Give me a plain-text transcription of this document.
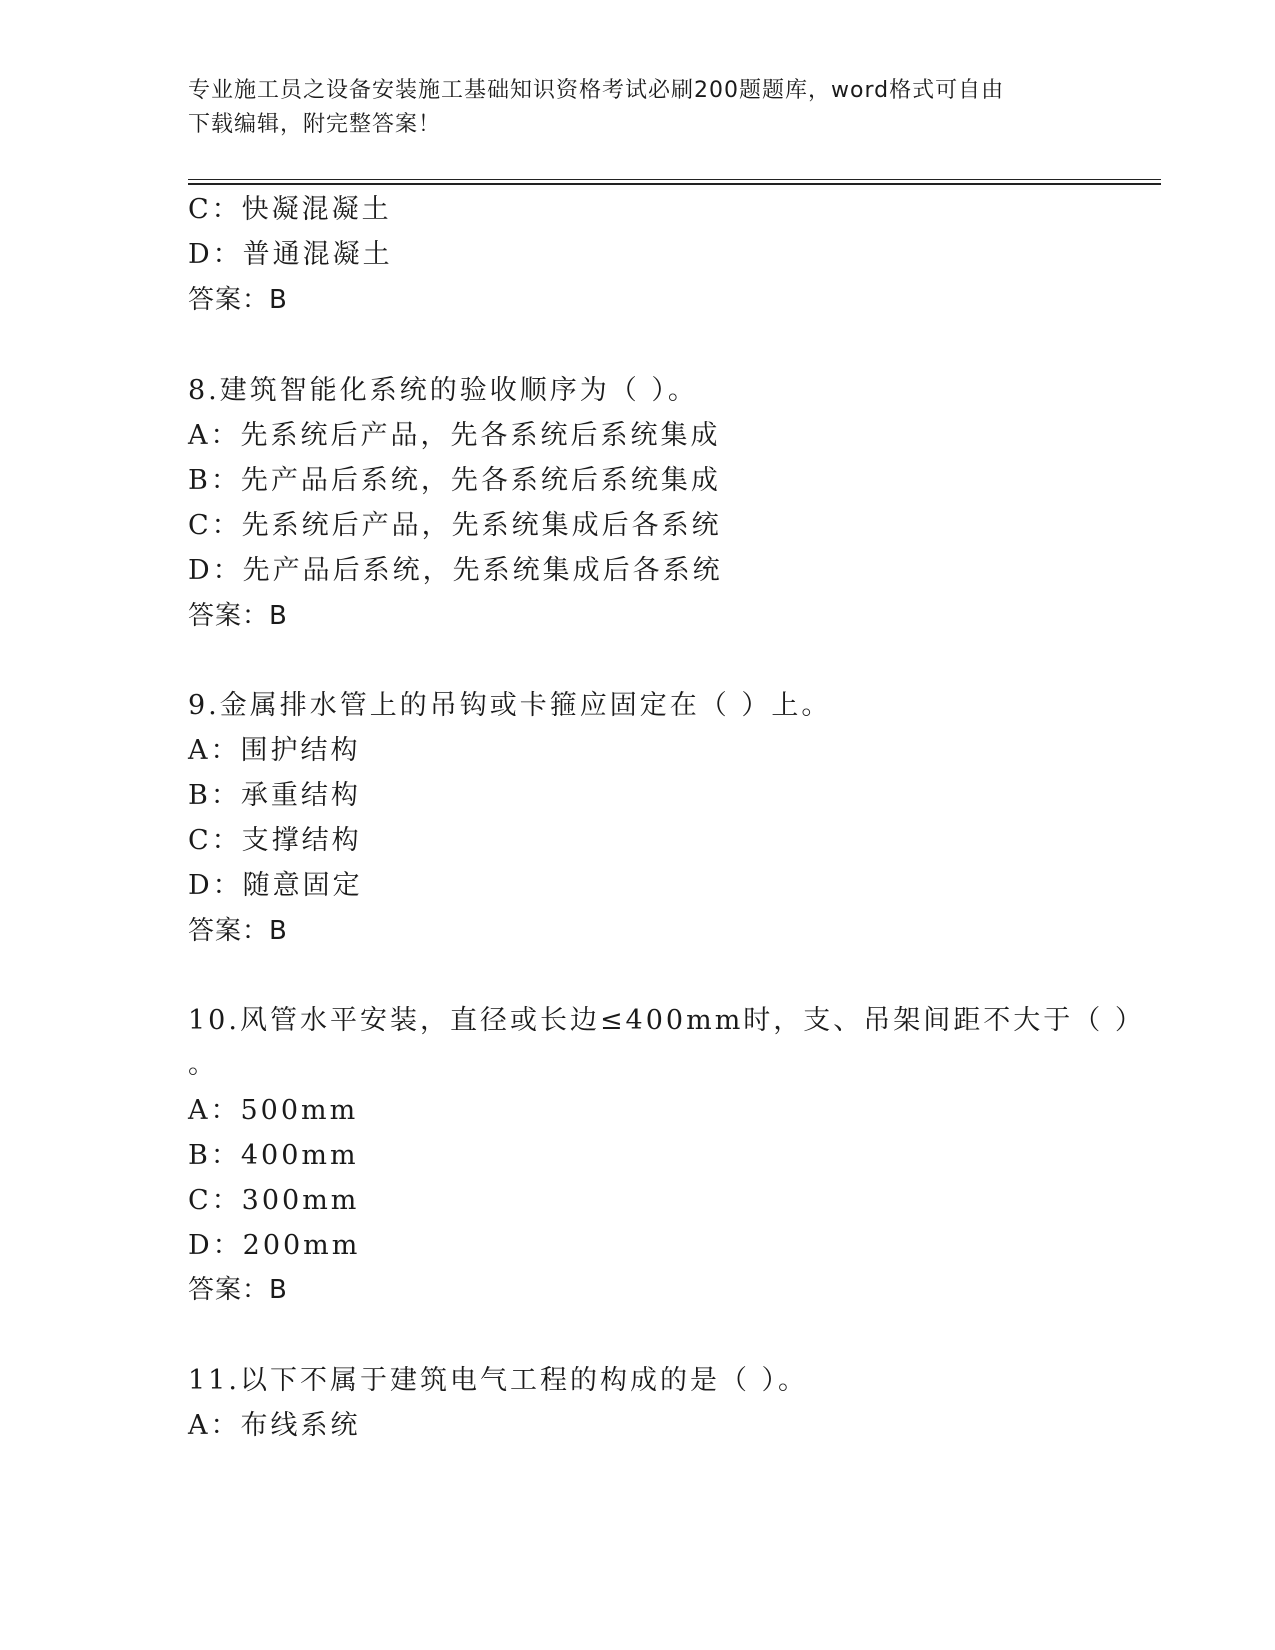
专业施工员之设备安装施工基础知识资格考试必刷200题题库，word格式可自由
下载编辑，附完整答案！
C：快凝混凝土
D：普通混凝土
答案：B
8.建筑智能化系统的验收顺序为（ ）。
A：先系统后产品，先各系统后系统集成
B：先产品后系统，先各系统后系统集成
C：先系统后产品，先系统集成后各系统
D：先产品后系统，先系统集成后各系统
答案：B
9.金属排水管上的吊钩或卡箍应固定在（ ）上。
A：围护结构
B：承重结构
C：支撑结构
D：随意固定
答案：B
10.风管水平安装，直径或长边≤400mm时，支、吊架间距不大于（ ）
。
A：500mm
B：400mm
C：300mm
D：200mm
答案：B
11.以下不属于建筑电气工程的构成的是（ ）。
A：布线系统
